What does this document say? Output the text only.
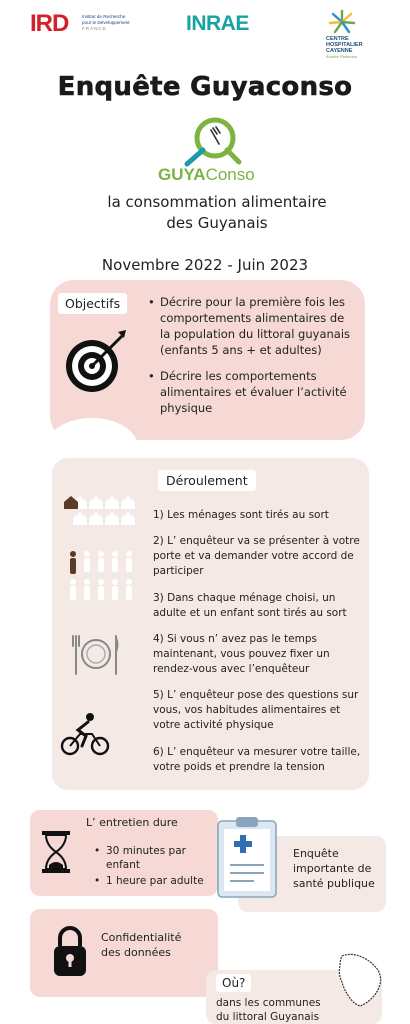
IRD	Institut de Recherche
pour le Développement
FRANCE	INRAE
CENTRE
HOSPITALIER
CAYENNE
Andrée Rosemon
Enquête Guyaconso
GUYAConso

la consommation alimentaire des Guyanais

Novembre 2022 - Juin 2023

Objectifs
•	Décrire pour la première fois les comportements alimentaires de la population du littoral guyanais (enfants 5 ans + et adultes)
• Décrire les comportements alimentaires et évaluer l’activité physique
Déroulement
1) Les ménages sont tirés au sort
2) L’ enquêteur va se présenter à votre porte et va demander votre accord de participer
3) Dans chaque ménage choisi, un adulte et un enfant sont tirés au sort
4) Si vous n’ avez pas le temps maintenant, vous pouvez fixer un rendez-vous avec l’enquêteur
5) L’ enquêteur pose des questions sur vous, vos habitudes alimentaires et votre activité physique
6) L’ enquêteur va mesurer votre taille, votre poids et prendre la tension
L’ entretien dure
• 30 minutes par enfant
• 1 heure par adulte
Enquête importante de santé publique
Confidentialité des données
Où?
dans les communes du littoral Guyanais
